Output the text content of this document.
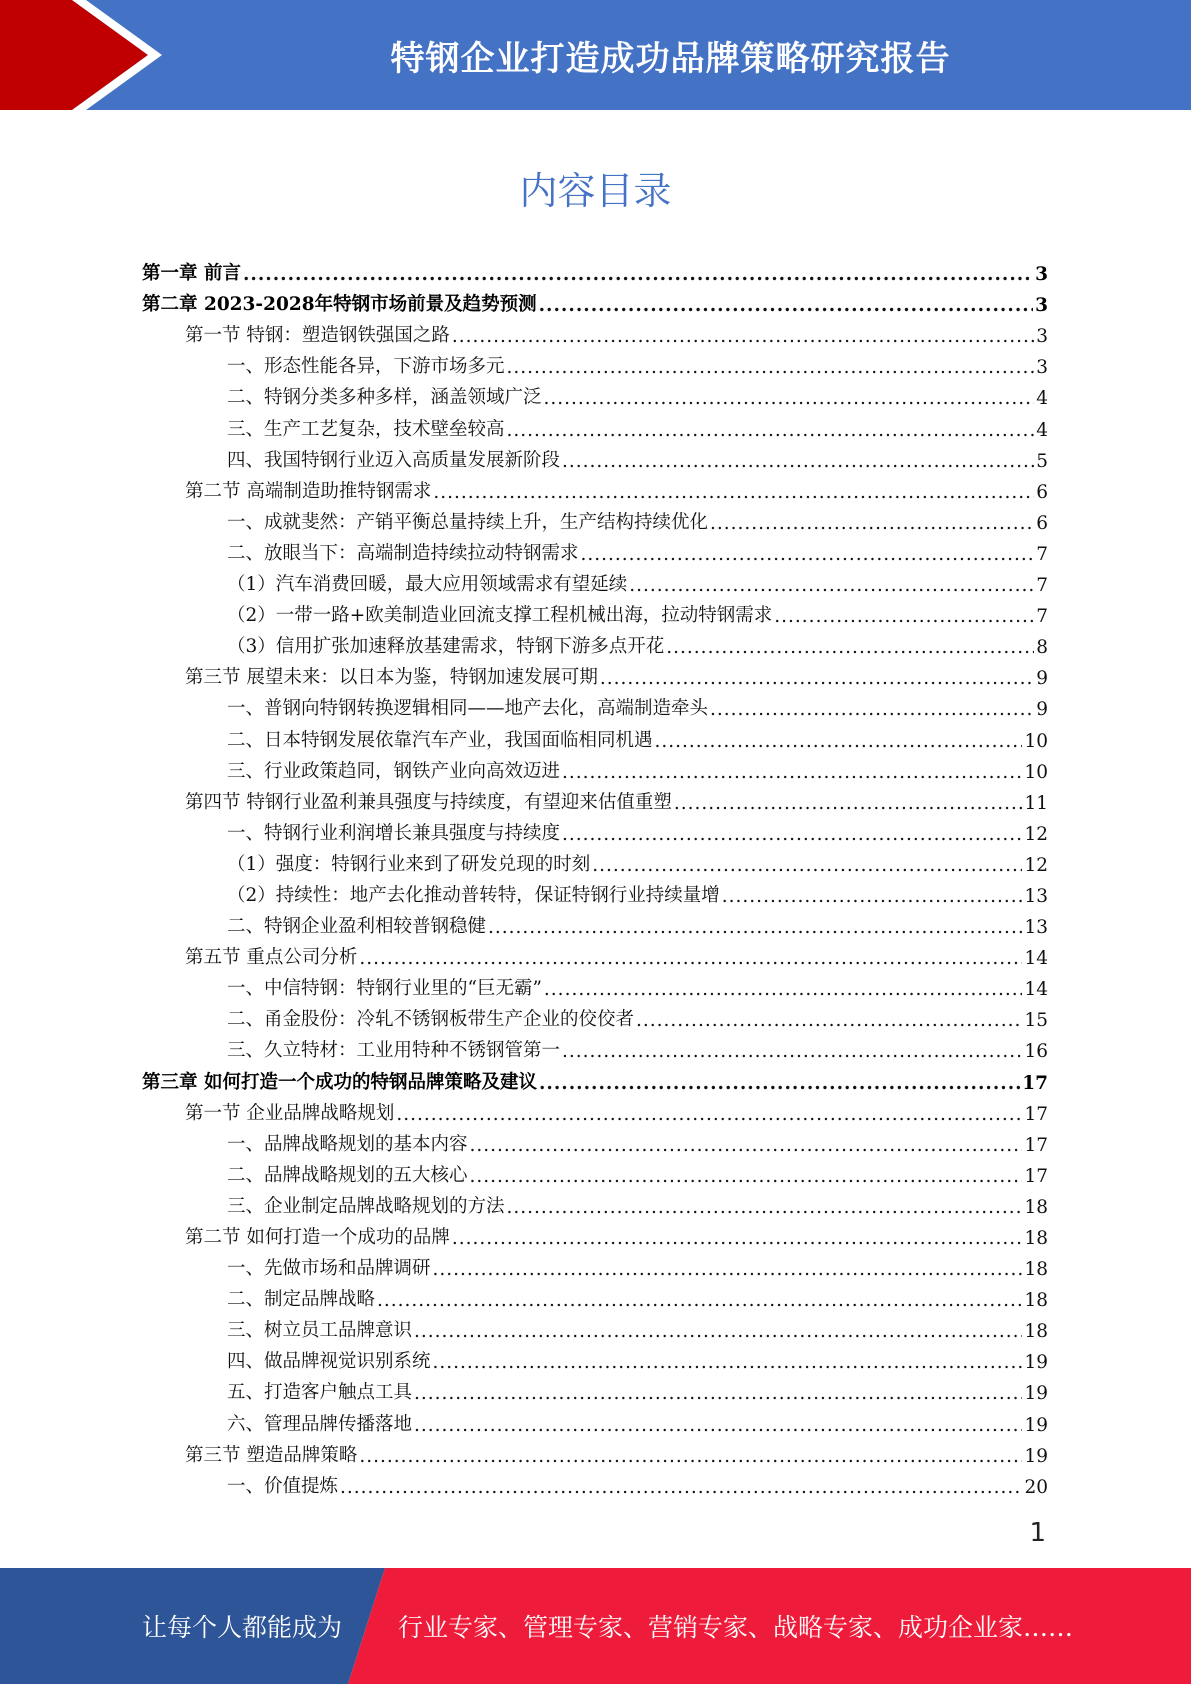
特钢企业打造成功品牌策略研究报告
内容目录
第一章 前言 .....	3
第二章 2023-2028年特钢市场前景及趋势预测 .....	3
第一节 特钢：塑造钢铁强国之路 .....	3
一、形态性能各异，下游市场多元 .....	3
二、特钢分类多种多样，涵盖领域广泛 .....	4
三、生产工艺复杂，技术壁垒较高 .....	4
四、我国特钢行业迈入高质量发展新阶段 .....	5
第二节 高端制造助推特钢需求 .....	6
一、成就斐然：产销平衡总量持续上升，生产结构持续优化 .....	6
二、放眼当下：高端制造持续拉动特钢需求 .....	7
（1）汽车消费回暖，最大应用领域需求有望延续 .....	7
（2）一带一路+欧美制造业回流支撑工程机械出海，拉动特钢需求 .....	7
（3）信用扩张加速释放基建需求，特钢下游多点开花 .....	8
第三节 展望未来：以日本为鉴，特钢加速发展可期 .....	9
一、普钢向特钢转换逻辑相同——地产去化，高端制造牵头 .....	9
二、日本特钢发展依靠汽车产业，我国面临相同机遇 .....	10
三、行业政策趋同，钢铁产业向高效迈进 .....	10
第四节 特钢行业盈利兼具强度与持续度，有望迎来估值重塑 .....	11
一、特钢行业利润增长兼具强度与持续度 .....	12
（1）强度：特钢行业来到了研发兑现的时刻 .....	12
（2）持续性：地产去化推动普转特，保证特钢行业持续量增 .....	13
二、特钢企业盈利相较普钢稳健 .....	13
第五节 重点公司分析 .....	14
一、中信特钢：特钢行业里的“巨无霸” .....	14
二、甬金股份：冷轧不锈钢板带生产企业的佼佼者 .....	15
三、久立特材：工业用特种不锈钢管第一 .....	16
第三章 如何打造一个成功的特钢品牌策略及建议 .....	17
第一节 企业品牌战略规划 .....	17
一、品牌战略规划的基本内容 .....	17
二、品牌战略规划的五大核心 .....	17
三、企业制定品牌战略规划的方法 .....	18
第二节 如何打造一个成功的品牌 .....	18
一、先做市场和品牌调研 .....	18
二、制定品牌战略 .....	18
三、树立员工品牌意识 .....	18
四、做品牌视觉识别系统 .....	19
五、打造客户触点工具 .....	19
六、管理品牌传播落地 .....	19
第三节 塑造品牌策略 .....	19
一、价值提炼 .....	20
1
让每个人都能成为 行业专家、管理专家、营销专家、战略专家、成功企业家……
